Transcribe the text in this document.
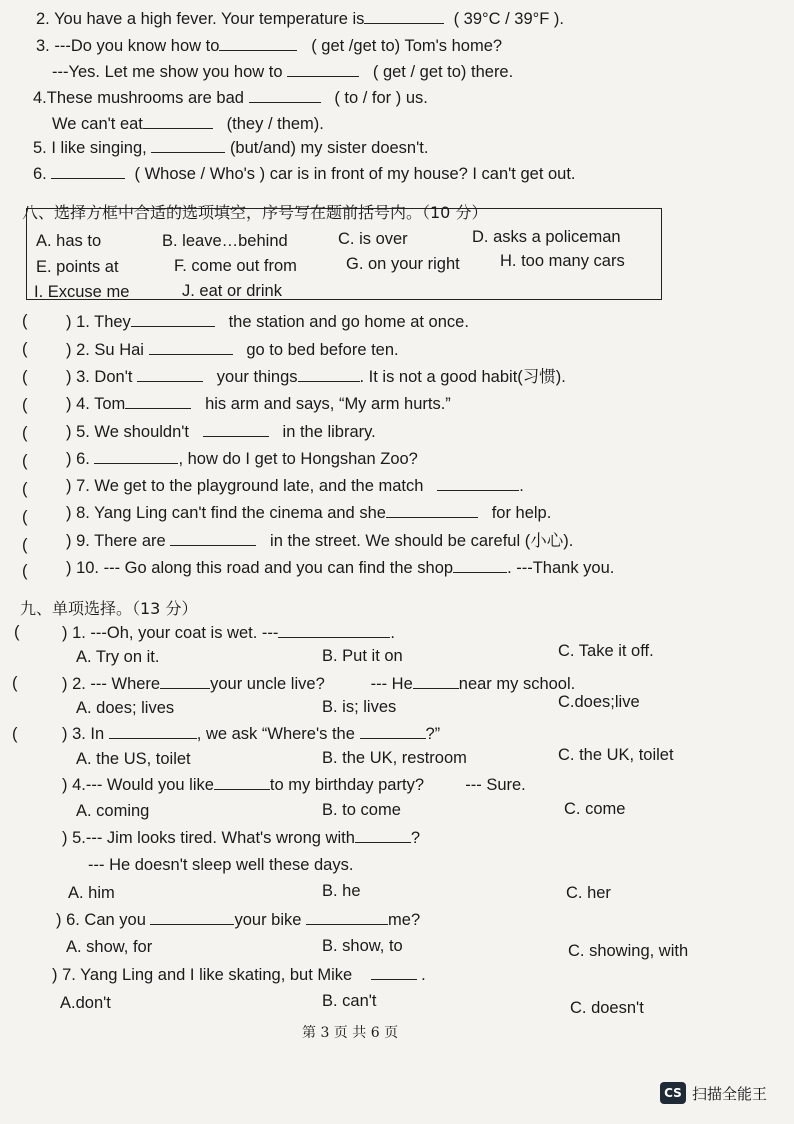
2. You have a high fever. Your temperature is	( 39°C / 39°F ).
3. ---Do you know how to	( get /get to) Tom's home?
---Yes. Let me show you how to	( get / get to) there.
4.These mushrooms are bad	( to / for ) us.
We can't eat	(they / them).
5. I like singing,	(but/and) my sister doesn't.
6.	( Whose / Who's ) car is in front of my house? I can't get out.
八、选择方框中合适的选项填空，序号写在题前括号内。（10 分）
A. has to	B. leave…behind	C. is over	D. asks a policeman
E. points at	F. come out from	G. on your right H. too many cars
I. Excuse me	J. eat or drink
( ) 1. They	the station and go home at once.
( ) 2. Su Hai	go to bed before ten.
( ) 3. Don't	your things	. It is not a good habit(习惯).
( ) 4. Tom	his arm and says, “My arm hurts.”
( ) 5. We shouldn't	in the library.
( ) 6.	, how do I get to Hongshan Zoo?
( ) 7. We get to the playground late, and the match	.
( ) 8. Yang Ling can't find the cinema and she	for help.
( ) 9. There are	in the street. We should be careful (小心).
( ) 10. --- Go along this road and you can find the shop	. ---Thank you.
九、单项选择。（13 分）
(	) 1. ---Oh, your coat is wet. ---	.
A. Try on it.	B. Put it on	C. Take it off.
(	) 2. --- Where	your uncle live?	--- He	near my school.
A. does; lives	B. is; lives	C.does;live
(	) 3. In	, we ask “Where's the	?”
A. the US, toilet	B. the UK, restroom	C. the UK, toilet
) 4.--- Would you like	to my birthday party?	--- Sure.
A. coming	B. to come	C. come
) 5.--- Jim looks tired. What's wrong with	?
--- He doesn't sleep well these days.
A. him	B. he	C. her
) 6. Can you	your bike	me?
A. show, for	B. show, to	C. showing, with
) 7. Yang Ling and I like skating, but Mike	.
A.don't	B. can't	C. doesn't
第 3 页 共 6 页
CS 扫描全能王
